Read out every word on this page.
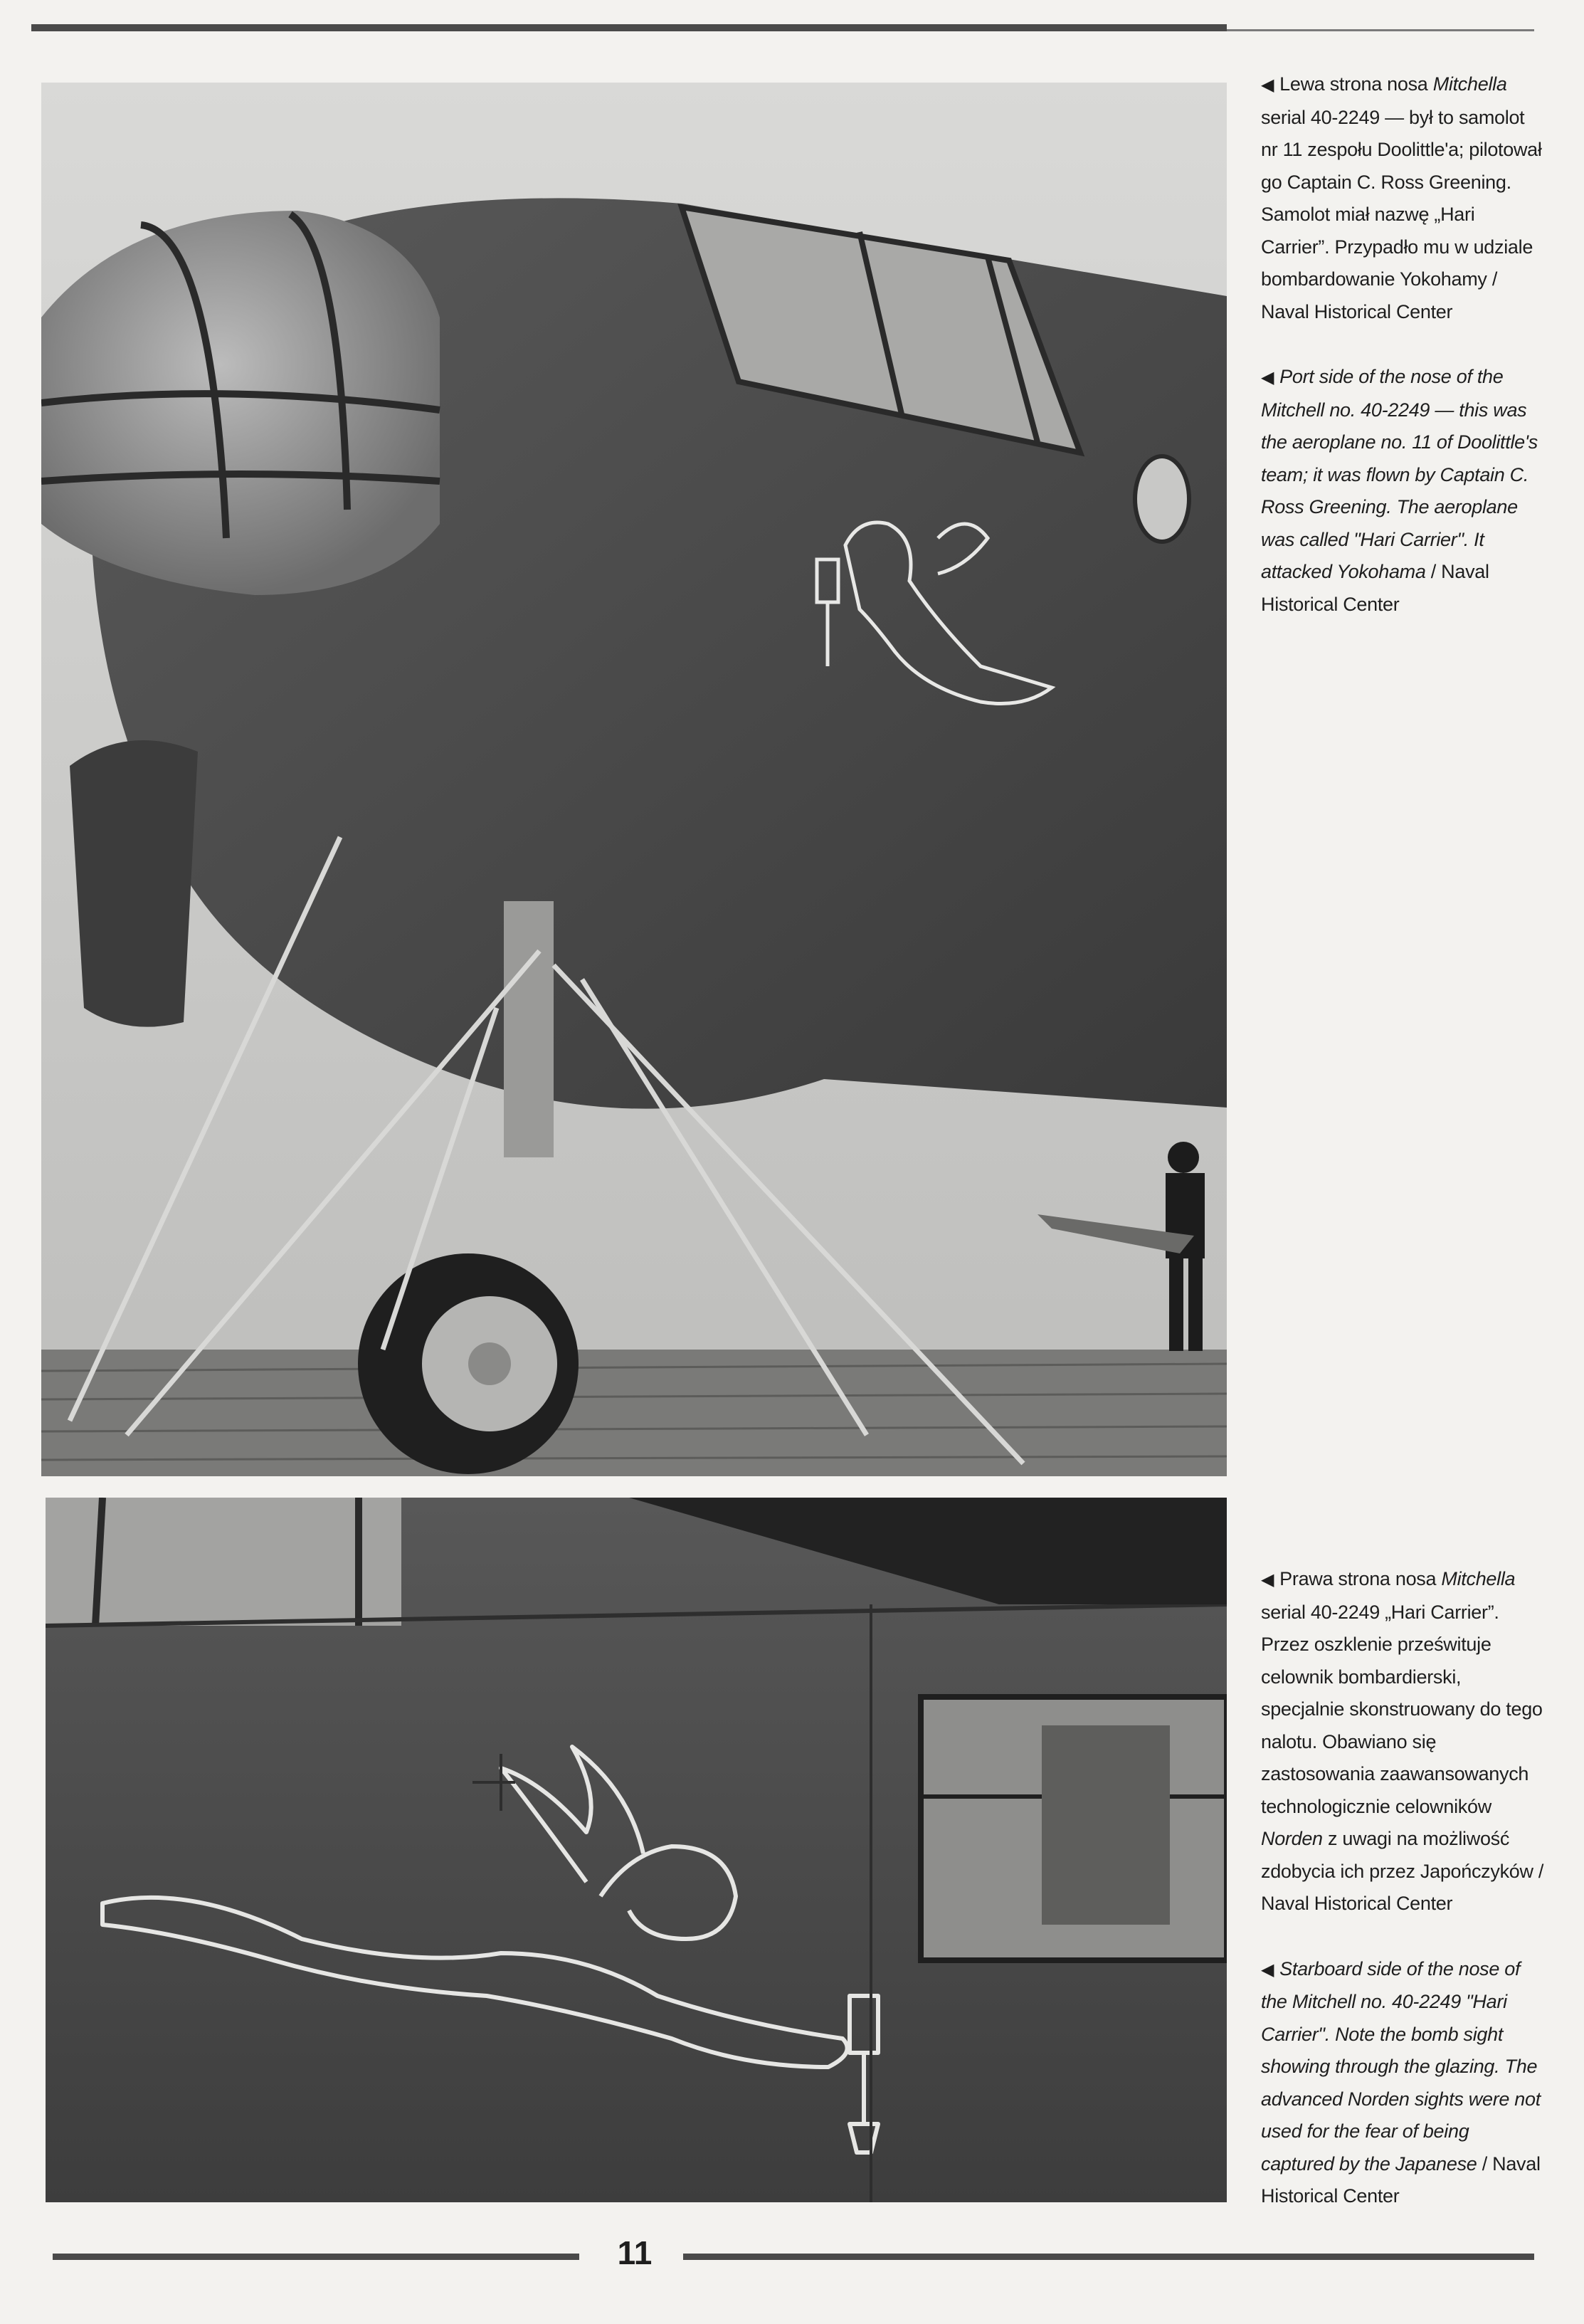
◀ Lewa strona nosa Mitchella serial 40-2249 — był to samolot nr 11 zespołu Doolittle'a; pilotował go Captain C. Ross Greening. Samolot miał nazwę „Hari Carrier”. Przypadło mu w udziale bombardowanie Yokohamy / Naval Historical Center

◀ Port side of the nose of the Mitchell no. 40-2249 — this was the aeroplane no. 11 of Doolittle's team; it was flown by Captain C. Ross Greening. The aeroplane was called "Hari Carrier". It attacked Yokohama / Naval Historical Center

◀ Prawa strona nosa Mitchella serial 40-2249 „Hari Carrier”. Przez oszklenie prześwituje celownik bombardierski, specjalnie skonstruowany do tego nalotu. Obawiano się zastosowania zaawansowanych technologicznie celowników Norden z uwagi na możliwość zdobycia ich przez Japończyków / Naval Historical Center

◀ Starboard side of the nose of the Mitchell no. 40-2249 "Hari Carrier". Note the bomb sight showing through the glazing. The advanced Norden sights were not used for the fear of being captured by the Japanese / Naval Historical Center

11
